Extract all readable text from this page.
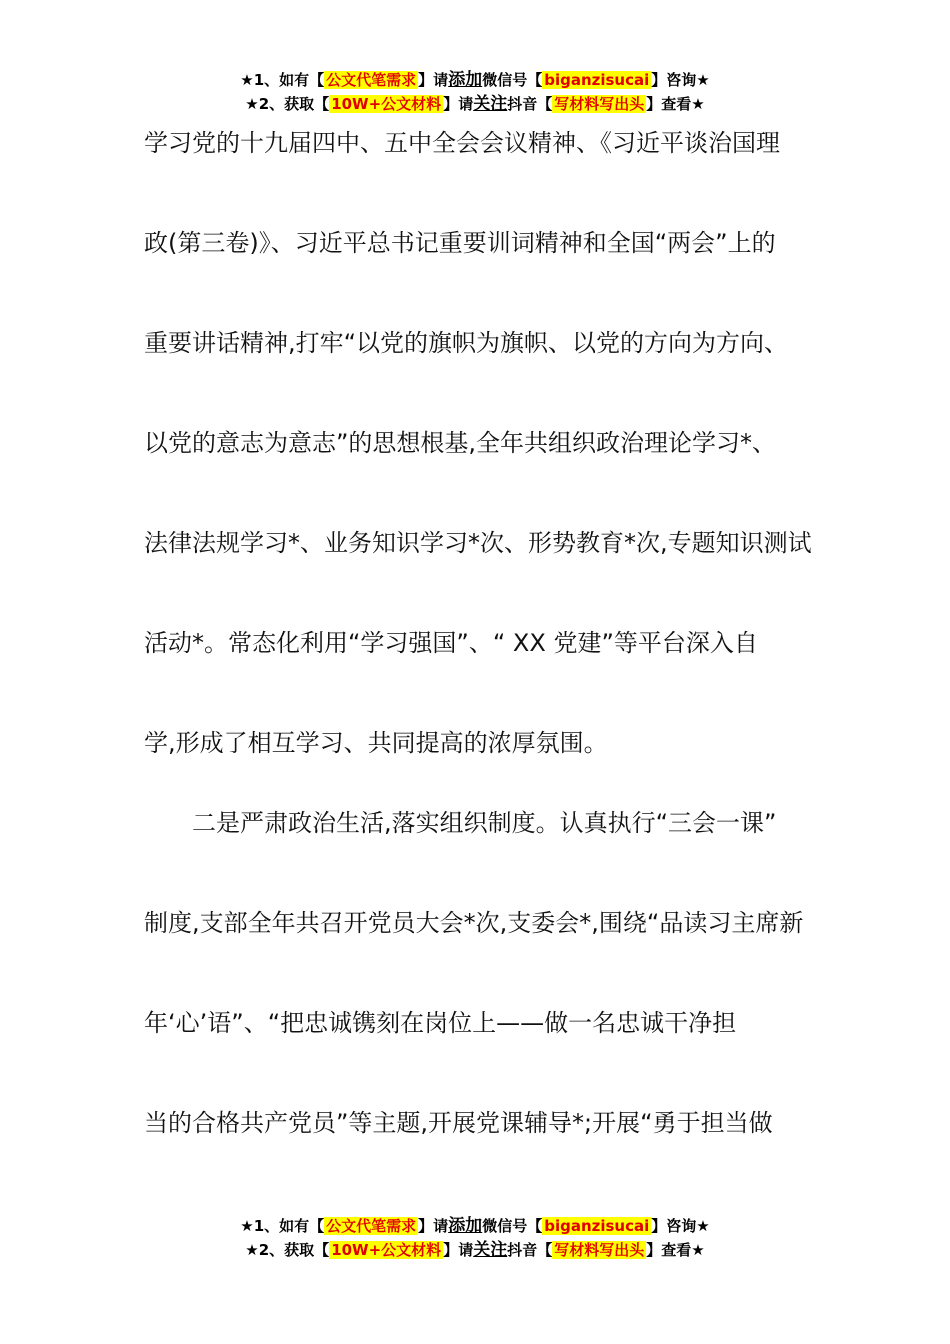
★1、如有【 公文代笔需求 】请添加微信号【 biganzisucai 】咨询★
★2、获取【 10W+公文材料 】请关注抖音【 写材料写出头 】查看★
学习党的十九届四中、五中全会会议精神、《习近平谈治国理
政(第三卷)》、习近平总书记重要训词精神和全国“两会”上的
重要讲话精神,打牢“以党的旗帜为旗帜、以党的方向为方向、
以党的意志为意志”的思想根基,全年共组织政治理论学习*、
法律法规学习*、业务知识学习*次、形势教育*次,专题知识测试
活动*。常态化利用“学习强国”、“ XX 党建”等平台深入自
学,形成了相互学习、共同提高的浓厚氛围。
二是严肃政治生活,落实组织制度。认真执行“三会一课”
制度,支部全年共召开党员大会*次,支委会*,围绕“品读习主席新
年‘心’语”、“把忠诚镌刻在岗位上——做一名忠诚干净担
当的合格共产党员”等主题,开展党课辅导*;开展“勇于担当做
★1、如有【 公文代笔需求 】请添加微信号【 biganzisucai 】咨询★
★2、获取【 10W+公文材料 】请关注抖音【 写材料写出头 】查看★
